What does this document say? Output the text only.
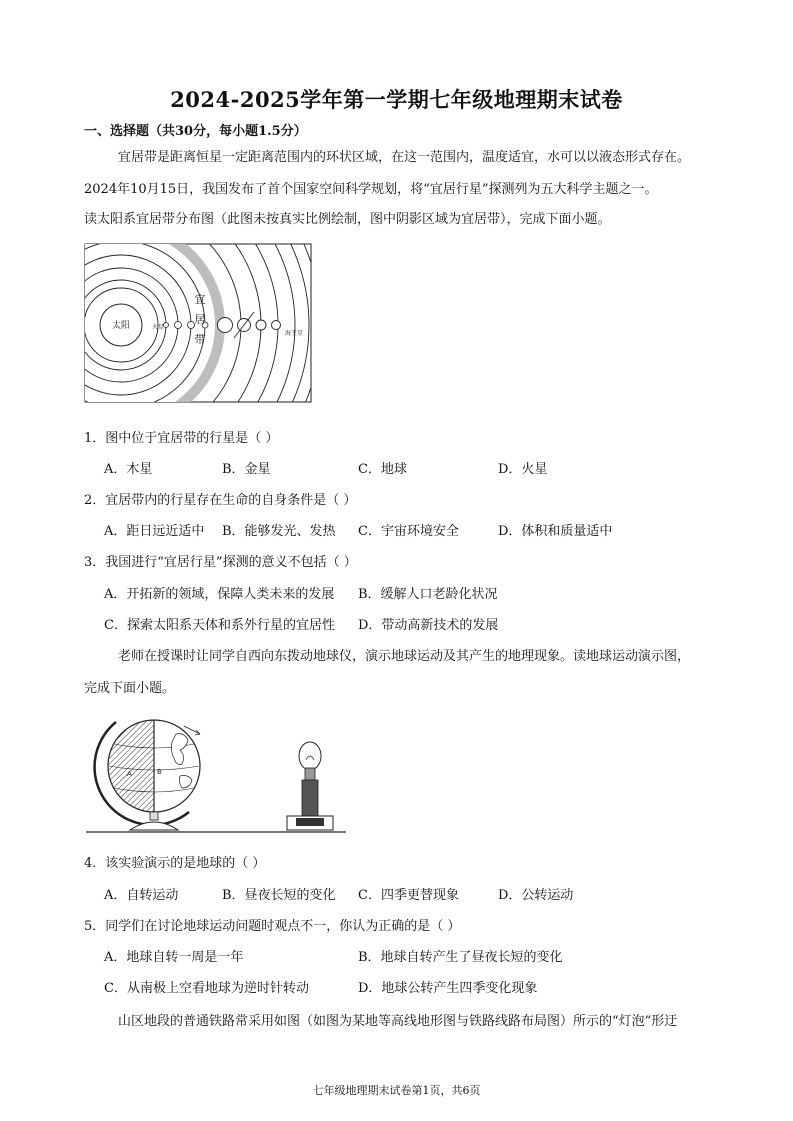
2024-2025学年第一学期七年级地理期末试卷
一、选择题（共30分，每小题1.5分）
宜居带是距离恒星一定距离范围内的环状区域，在这一范围内，温度适宜，水可以以液态形式存在。
2024年10月15日，我国发布了首个国家空间科学规划，将“宜居行星”探测列为五大科学主题之一。
读太阳系宜居带分布图（此图未按真实比例绘制，图中阴影区域为宜居带），完成下面小题。
太阳	火星
宜
居
带	海王星
1．图中位于宜居带的行星是（ ）
A．木星	B．金星	C．地球	D．火星
2．宜居带内的行星存在生命的自身条件是（ ）
A．距日远近适中 B．能够发光、发热 C．宇宙环境安全	D．体积和质量适中
3．我国进行“宜居行星”探测的意义不包括（ ）
A．开拓新的领域，保障人类未来的发展 B．缓解人口老龄化状况
C．探索太阳系天体和系外行星的宜居性 D．带动高新技术的发展
老师在授课时让同学自西向东拨动地球仪，演示地球运动及其产生的地理现象。读地球运动演示图，
完成下面小题。
A	B
4．该实验演示的是地球的（ ）
A．自转运动	B．昼夜长短的变化 C．四季更替现象	D．公转运动
5．同学们在讨论地球运动问题时观点不一，你认为正确的是（ ）
A．地球自转一周是一年	B．地球自转产生了昼夜长短的变化
C．从南极上空看地球为逆时针转动	D．地球公转产生四季变化现象
山区地段的普通铁路常采用如图（如图为某地等高线地形图与铁路线路布局图）所示的“灯泡”形迂
七年级地理期末试卷第1页，共6页
